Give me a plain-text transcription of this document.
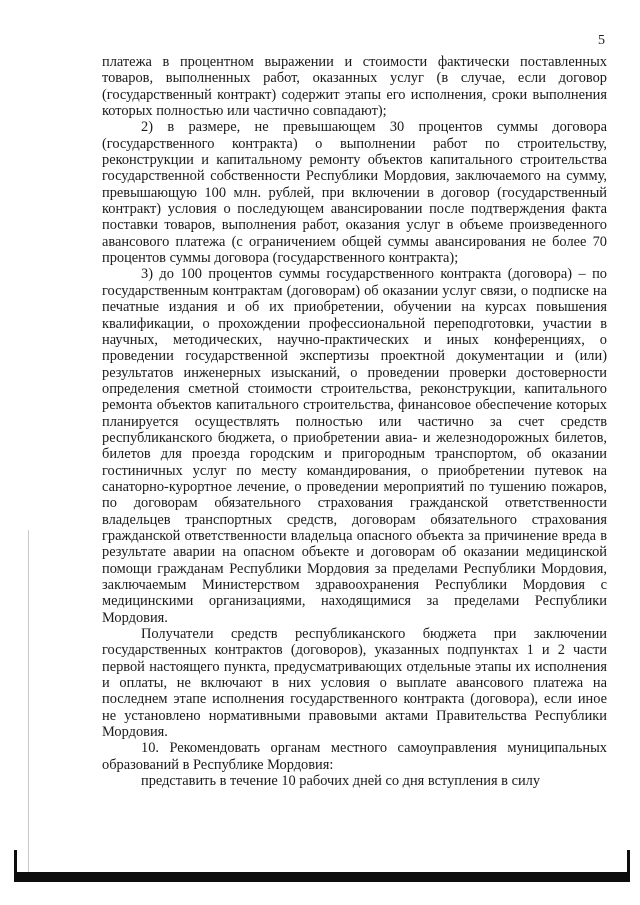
5

платежа в процентном выражении и стоимости фактически поставленных товаров, выполненных работ, оказанных услуг (в случае, если договор (государственный контракт) содержит этапы его исполнения, сроки выполнения которых полностью или частично совпадают);

2) в размере, не превышающем 30 процентов суммы договора (государственного контракта) о выполнении работ по строительству, реконструкции и капитальному ремонту объектов капитального строительства государственной собственности Республики Мордовия, заключаемого на сумму, превышающую 100 млн. рублей, при включении в договор (государственный контракт) условия о последующем авансировании после подтверждения факта поставки товаров, выполнения работ, оказания услуг в объеме произведенного авансового платежа (с ограничением общей суммы авансирования не более 70 процентов суммы договора (государственного контракта);

3) до 100 процентов суммы государственного контракта (договора) – по государственным контрактам (договорам) об оказании услуг связи, о подписке на печатные издания и об их приобретении, обучении на курсах повышения квалификации, о прохождении профессиональной переподготовки, участии в научных, методических, научно-практических и иных конференциях, о проведении государственной экспертизы проектной документации и (или) результатов инженерных изысканий, о проведении проверки достоверности определения сметной стоимости строительства, реконструкции, капитального ремонта объектов капитального строительства, финансовое обеспечение которых планируется осуществлять полностью или частично за счет средств республиканского бюджета, о приобретении авиа- и железнодорожных билетов, билетов для проезда городским и пригородным транспортом, об оказании гостиничных услуг по месту командирования, о приобретении путевок на санаторно-курортное лечение, о проведении мероприятий по тушению пожаров, по договорам обязательного страхования гражданской ответственности владельцев транспортных средств, договорам обязательного страхования гражданской ответственности владельца опасного объекта за причинение вреда в результате аварии на опасном объекте и договорам об оказании медицинской помощи гражданам Республики Мордовия за пределами Республики Мордовия, заключаемым Министерством здравоохранения Республики Мордовия с медицинскими организациями, находящимися за пределами Республики Мордовия.

Получатели средств республиканского бюджета при заключении государственных контрактов (договоров), указанных подпунктах 1 и 2 части первой настоящего пункта, предусматривающих отдельные этапы их исполнения и оплаты, не включают в них условия о выплате авансового платежа на последнем этапе исполнения государственного контракта (договора), если иное не установлено нормативными правовыми актами Правительства Республики Мордовия.

10. Рекомендовать органам местного самоуправления муниципальных образований в Республике Мордовия:

представить в течение 10 рабочих дней со дня вступления в силу
